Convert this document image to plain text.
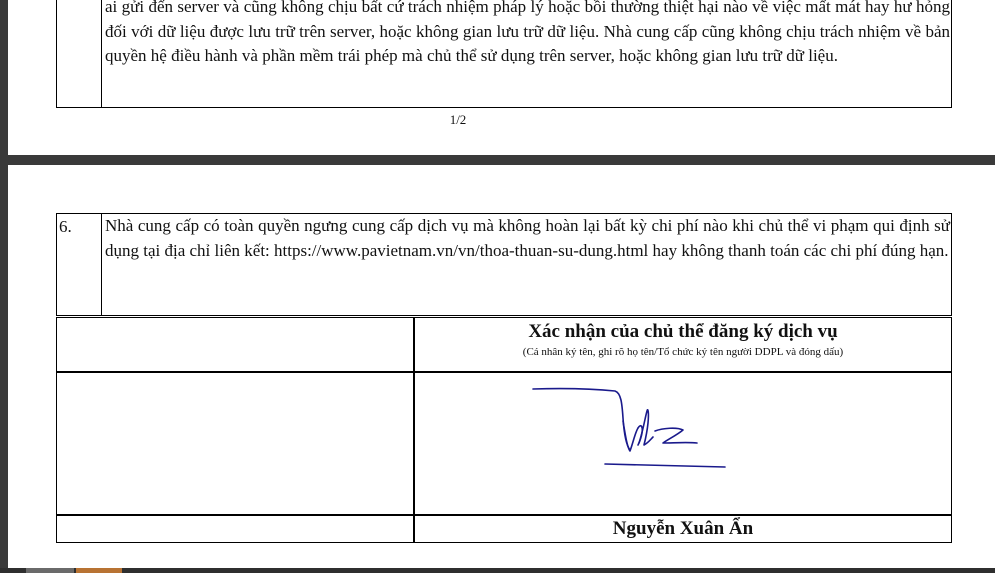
ai gửi đến server và cũng không chịu bất cứ trách nhiệm pháp lý hoặc bồi thường thiệt hại nào về việc mất mát hay hư hỏng đối với dữ liệu được lưu trữ trên server, hoặc không gian lưu trữ dữ liệu. Nhà cung cấp cũng không chịu trách nhiệm về bản quyền hệ điều hành và phần mềm trái phép mà chủ thể sử dụng trên server, hoặc không gian lưu trữ dữ liệu.
1/2
6.	Nhà cung cấp có toàn quyền ngưng cung cấp dịch vụ mà không hoàn lại bất kỳ chi phí nào khi chủ thể vi phạm qui định sử dụng tại địa chỉ liên kết: https://www.pavietnam.vn/vn/thoa-thuan-su-dung.html hay không thanh toán các chi phí đúng hạn.
Xác nhận của chủ thể đăng ký dịch vụ
(Cá nhân ký tên, ghi rõ họ tên/Tổ chức ký tên người DDPL và đóng dấu)
Nguyễn Xuân Ẩn
